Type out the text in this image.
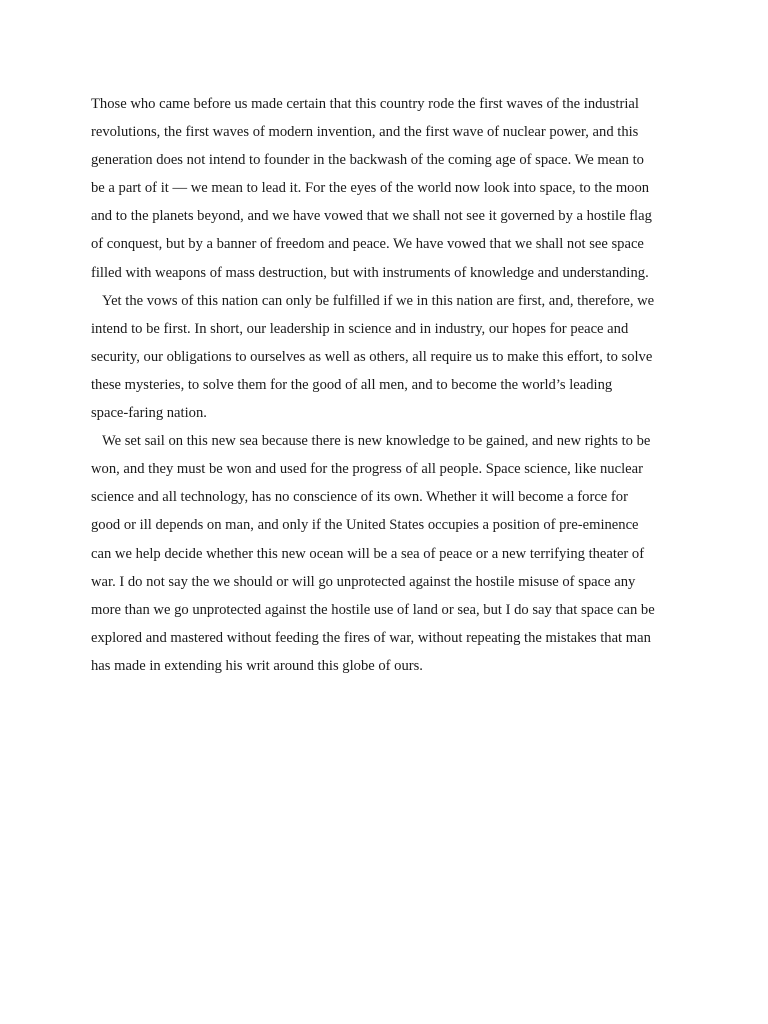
Those who came before us made certain that this country rode the first waves of the industrial
revolutions, the first waves of modern invention, and the first wave of nuclear power, and this
generation does not intend to founder in the backwash of the coming age of space. We mean to
be a part of it — we mean to lead it. For the eyes of the world now look into space, to the moon
and to the planets beyond, and we have vowed that we shall not see it governed by a hostile flag
of conquest, but by a banner of freedom and peace. We have vowed that we shall not see space
filled with weapons of mass destruction, but with instruments of knowledge and understanding.
Yet the vows of this nation can only be fulfilled if we in this nation are first, and, therefore, we
intend to be first. In short, our leadership in science and in industry, our hopes for peace and
security, our obligations to ourselves as well as others, all require us to make this effort, to solve
these mysteries, to solve them for the good of all men, and to become the world’s leading
space-faring nation.
We set sail on this new sea because there is new knowledge to be gained, and new rights to be
won, and they must be won and used for the progress of all people. Space science, like nuclear
science and all technology, has no conscience of its own. Whether it will become a force for
good or ill depends on man, and only if the United States occupies a position of pre-eminence
can we help decide whether this new ocean will be a sea of peace or a new terrifying theater of
war. I do not say the we should or will go unprotected against the hostile misuse of space any
more than we go unprotected against the hostile use of land or sea, but I do say that space can be
explored and mastered without feeding the fires of war, without repeating the mistakes that man
has made in extending his writ around this globe of ours.
